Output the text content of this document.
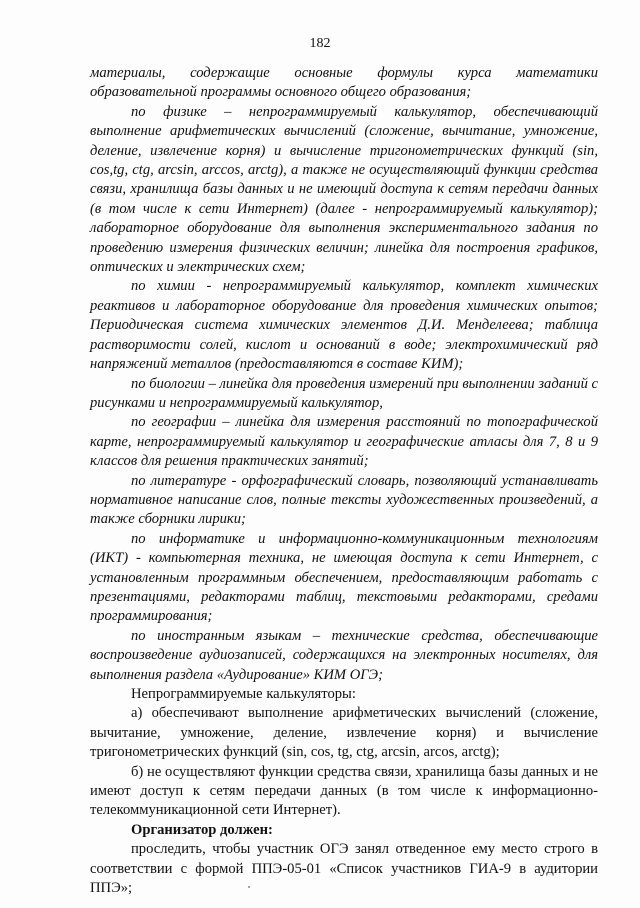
182

материалы, содержащие основные формулы курса математики образовательной программы основного общего образования;

по физике – непрограммируемый калькулятор, обеспечивающий выполнение арифметических вычислений (сложение, вычитание, умножение, деление, извлечение корня) и вычисление тригонометрических функций (sin, cos,tg, ctg, arcsin, arccos, arctg), а также не осуществляющий функции средства связи, хранилища базы данных и не имеющий доступа к сетям передачи данных (в том числе к сети Интернет) (далее - непрограммируемый калькулятор); лабораторное оборудование для выполнения экспериментального задания по проведению измерения физических величин; линейка для построения графиков, оптических и электрических схем;

по химии - непрограммируемый калькулятор, комплект химических реактивов и лабораторное оборудование для проведения химических опытов; Периодическая система химических элементов Д.И. Менделеева; таблица растворимости солей, кислот и оснований в воде; электрохимический ряд напряжений металлов (предоставляются в составе КИМ);

по биологии – линейка для проведения измерений при выполнении заданий с рисунками и непрограммируемый калькулятор,

по географии – линейка для измерения расстояний по топографической карте, непрограммируемый калькулятор и географические атласы для 7, 8 и 9 классов для решения практических занятий;

по литературе - орфографический словарь, позволяющий устанавливать нормативное написание слов, полные тексты художественных произведений, а также сборники лирики;

по информатике и информационно-коммуникационным технологиям (ИКТ) - компьютерная техника, не имеющая доступа к сети Интернет, с установленным программным обеспечением, предоставляющим работать с презентациями, редакторами таблиц, текстовыми редакторами, средами программирования;

по иностранным языкам – технические средства, обеспечивающие воспроизведение аудиозаписей, содержащихся на электронных носителях, для выполнения раздела «Аудирование» КИМ ОГЭ;

Непрограммируемые калькуляторы:

а) обеспечивают выполнение арифметических вычислений (сложение, вычитание, умножение, деление, извлечение корня) и вычисление тригонометрических функций (sin, cos, tg, ctg, arcsin, arcos, arctg);

б) не осуществляют функции средства связи, хранилища базы данных и не имеют доступ к сетям передачи данных (в том числе к информационно-телекоммуникационной сети Интернет).

Организатор должен:

проследить, чтобы участник ОГЭ занял отведенное ему место строго в соответствии с формой ППЭ-05-01 «Список участников ГИА-9 в аудитории ППЭ»;
